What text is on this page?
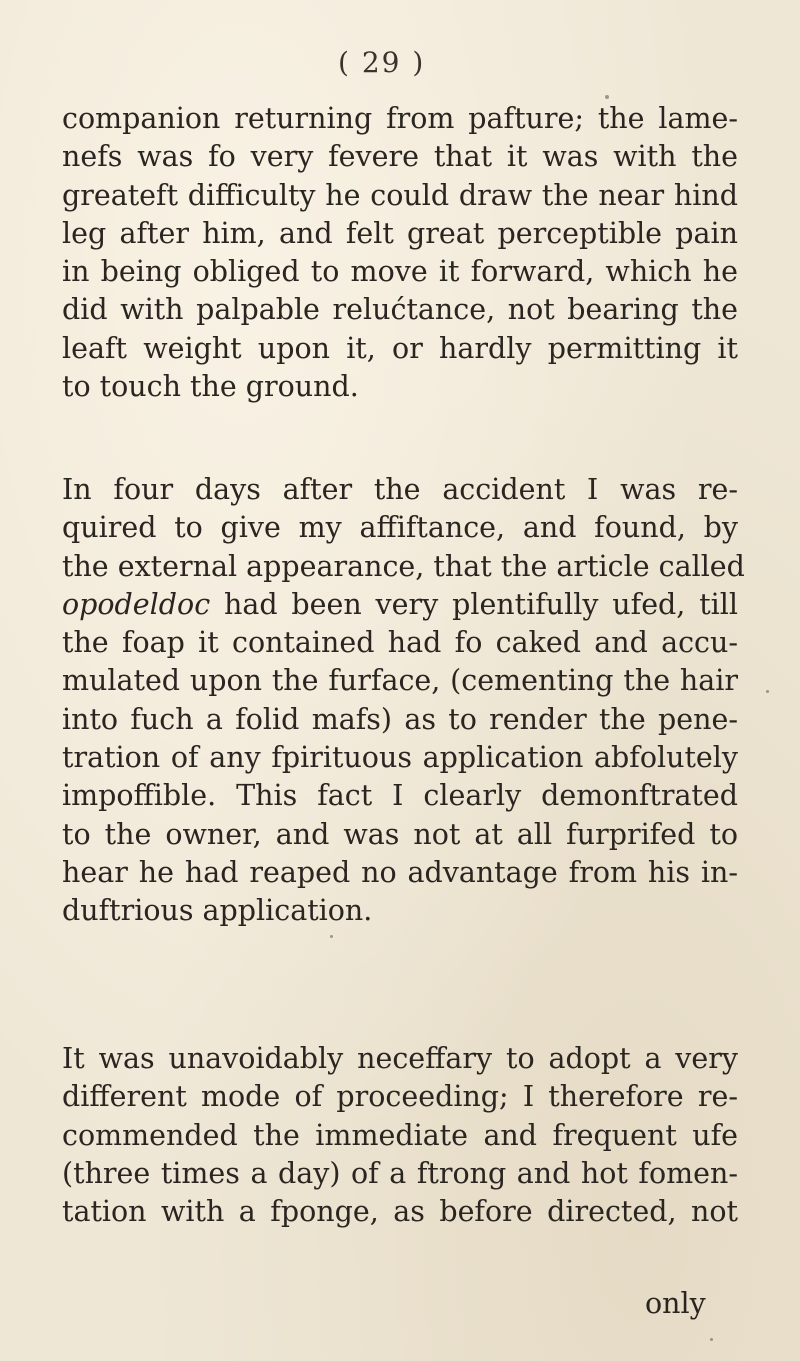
( 29 )
companion returning from pafture; the lame-
nefs was fo very fevere that it was with the
greateft difficulty he could draw the near hind
leg after him, and felt great perceptible pain
in being obliged to move it forward, which he
did with palpable relućtance, not bearing the
leaft weight upon it, or hardly permitting it
to touch the ground.
In four days after the accident I was re-
quired to give my affiftance, and found, by
the external appearance, that the article called
opodeldoc had been very plentifully ufed, till
the foap it contained had fo caked and accu-
mulated upon the furface, (cementing the hair
into fuch a folid mafs) as to render the pene-
tration of any fpirituous application abfolutely
impoffible. This fact I clearly demonftrated
to the owner, and was not at all furprifed to
hear he had reaped no advantage from his in-
duftrious application.
It was unavoidably neceffary to adopt a very
different mode of proceeding; I therefore re-
commended the immediate and frequent ufe
(three times a day) of a ftrong and hot fomen-
tation with a fponge, as before directed, not
only
